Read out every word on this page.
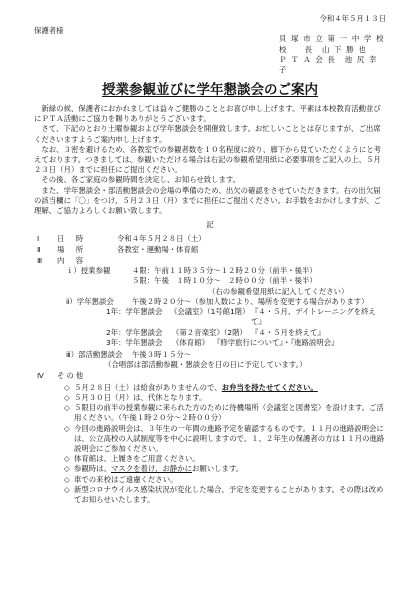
令和４年５月１３日
保護者様
貝 塚 市 立 第 一 中 学 校
校　　長　山 下 勝 也
Ｐ Ｔ Ａ 会 長　池 尻 幸 子
授業参観並びに学年懇談会のご案内

新緑の候、保護者におかれましては益々ご健勝のこととお喜び申し上げます。平素は本校教育活動並びにＰＴＡ活動にご協力を賜りありがとうございます。

さて、下記のとおり土曜参観および学年懇談会を開催致します。お忙しいこととは存じますが、ご出席くださいますようご案内申し上げます。

なお、３密を避けるため、各教室での参観者数を１０名程度に絞り、廊下から見ていただくようにと考えております。つきましては、参観いただける場合は右記の参観希望用紙に必要事項をご記入の上、５月２３日（月）までに担任にご提出ください。

その後、各ご家庭の参観時間を決定し、お知らせ致します。

また、学年懇談会・部活動懇談会の会場の準備のため、出欠の確認をさせていただきます。右の出欠届の該当欄に「〇」をつけ、５月２３日（月）までに担任にご提出ください。お手数をおかけしますが、ご理解、ご協力よろしくお願い致します。

記
Ⅰ	日　時	令和４年５月２８日（土）
Ⅱ	場　所	各教室・運動場・体育館
Ⅲ	内　容
ｉ）授業参観	４限：午前１１時３５分～１２時２０分（前半・後半）
５限：午後　１時１０分～　２時００分（前半・後半）
（右の参観希望用紙に記入してください）
ⅱ）学年懇談会	午後２時２０分～（参加人数により、場所を変更する場合があります）
1年：学年懇談会	《会議室》（1号館1階） 『４・５月、デイトレーニングを終えて』
2年：学年懇談会	《第２音楽室》（2階） 『４・５月を終えて』
3年：学年懇談会	《体育館》 『修学旅行について』・『進路説明会』
ⅲ）部活動懇談会	午後３時１５分～
（合唱部は部活動参観・懇談会を日の日に予定しています。）
Ⅳ	その他
◇ ５月２８日（土）は給食がありませんので、お弁当を持たせてください。
◇ ５月３０日（月）は、代休となります。
◇ ５限目の前半の授業参観に来られた方のために待機場所（会議室と図書室）を設けます。ご活用ください。（午後１時２０分～２時００分）
◇ 今回の進路説明会は、３年生の一年間の進路予定を確認するものです。１１月の進路説明会には、公立高校の入試制度等を中心に説明しますので、１、２年生の保護者の方は１１月の進路説明会にご参加ください。
◇ 体育館は、上履きをご用意ください。
◇ 参観時は、マスクを着け、お静かにお願いします。
◇ 車での来校はご遠慮ください。
◇ 新型コロナウイルス感染状況が変化した場合、予定を変更することがあります。その際は改めてお知らせいたします。
